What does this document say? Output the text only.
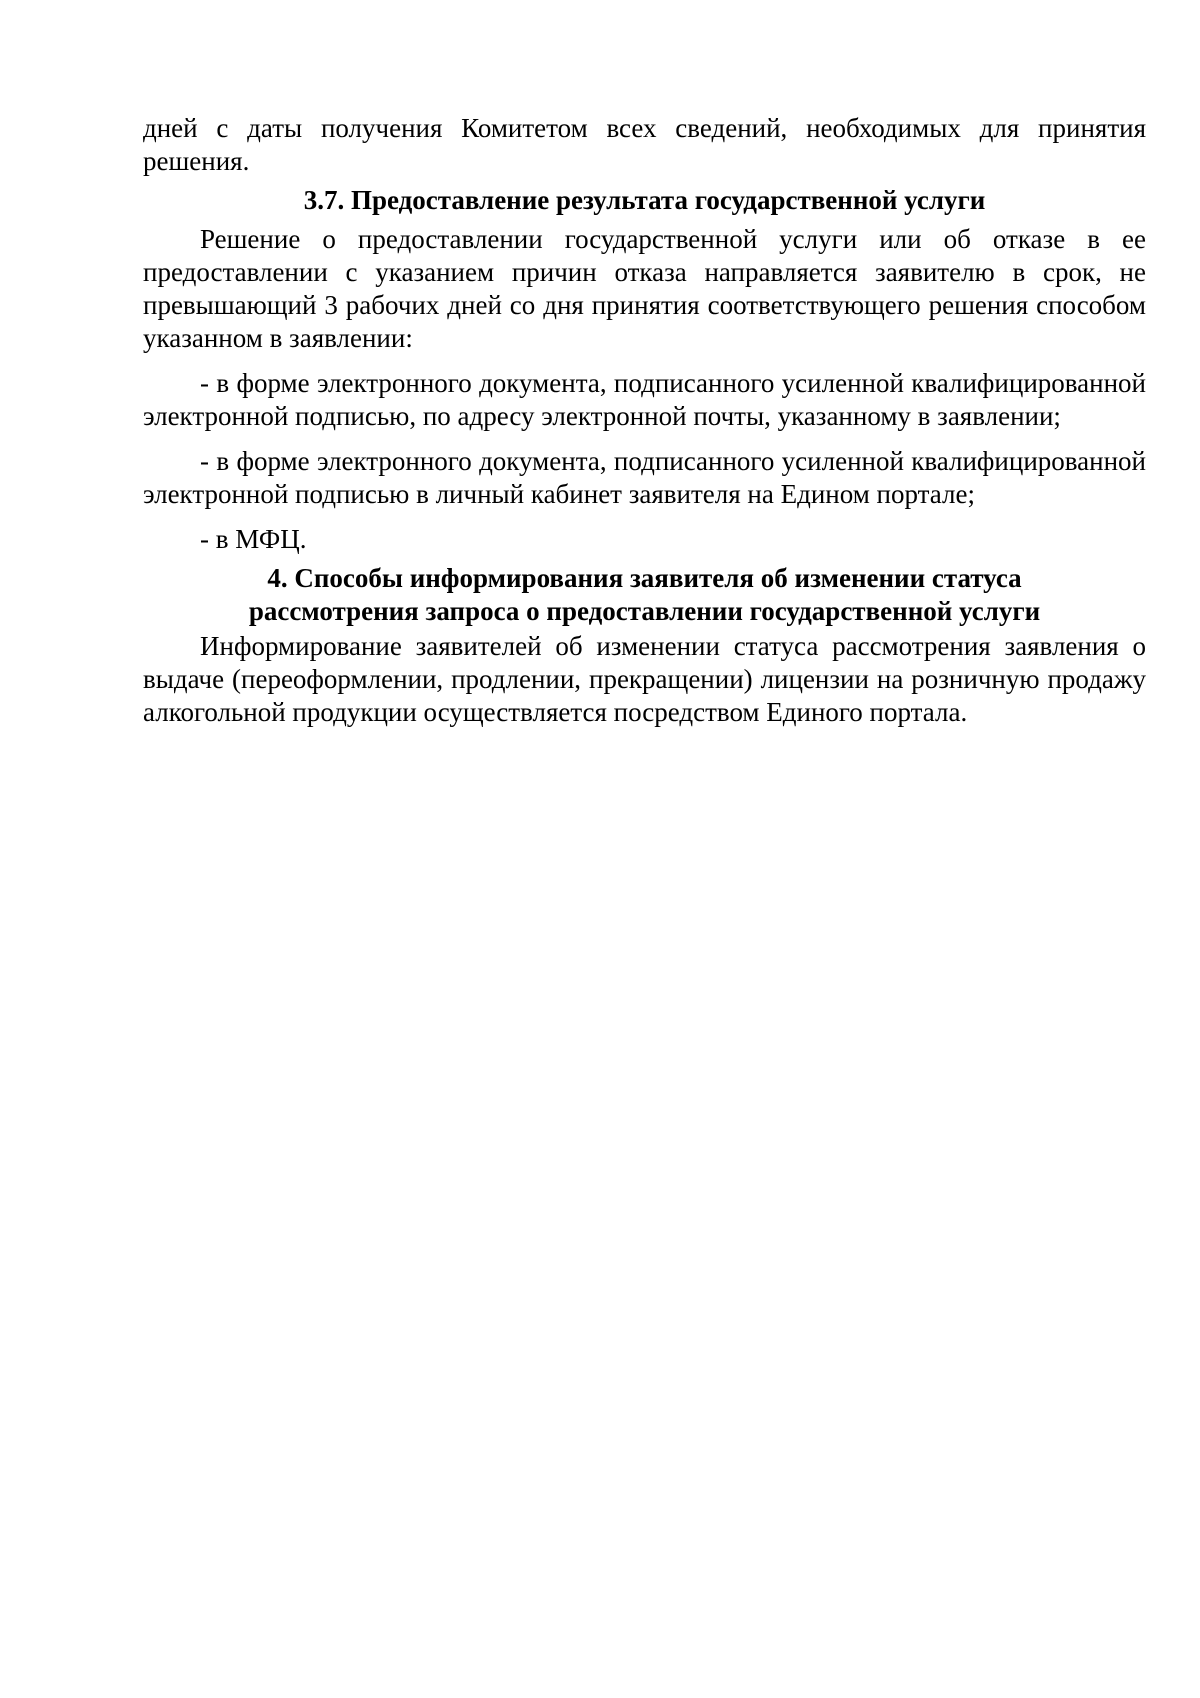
дней с даты получения Комитетом всех сведений, необходимых для принятия решения.

3.7. Предоставление результата государственной услуги

Решение о предоставлении государственной услуги или об отказе в ее предоставлении с указанием причин отказа направляется заявителю в срок, не превышающий 3 рабочих дней со дня принятия соответствующего решения способом указанном в заявлении:

- в форме электронного документа, подписанного усиленной квалифицированной электронной подписью, по адресу электронной почты, указанному в заявлении;

- в форме электронного документа, подписанного усиленной квалифицированной электронной подписью в личный кабинет заявителя на Едином портале;

- в МФЦ.

4. Способы информирования заявителя об изменении статуса

рассмотрения запроса о предоставлении государственной услуги

Информирование заявителей об изменении статуса рассмотрения заявления о выдаче (переоформлении, продлении, прекращении) лицензии на розничную продажу алкогольной продукции осуществляется посредством Единого портала.
